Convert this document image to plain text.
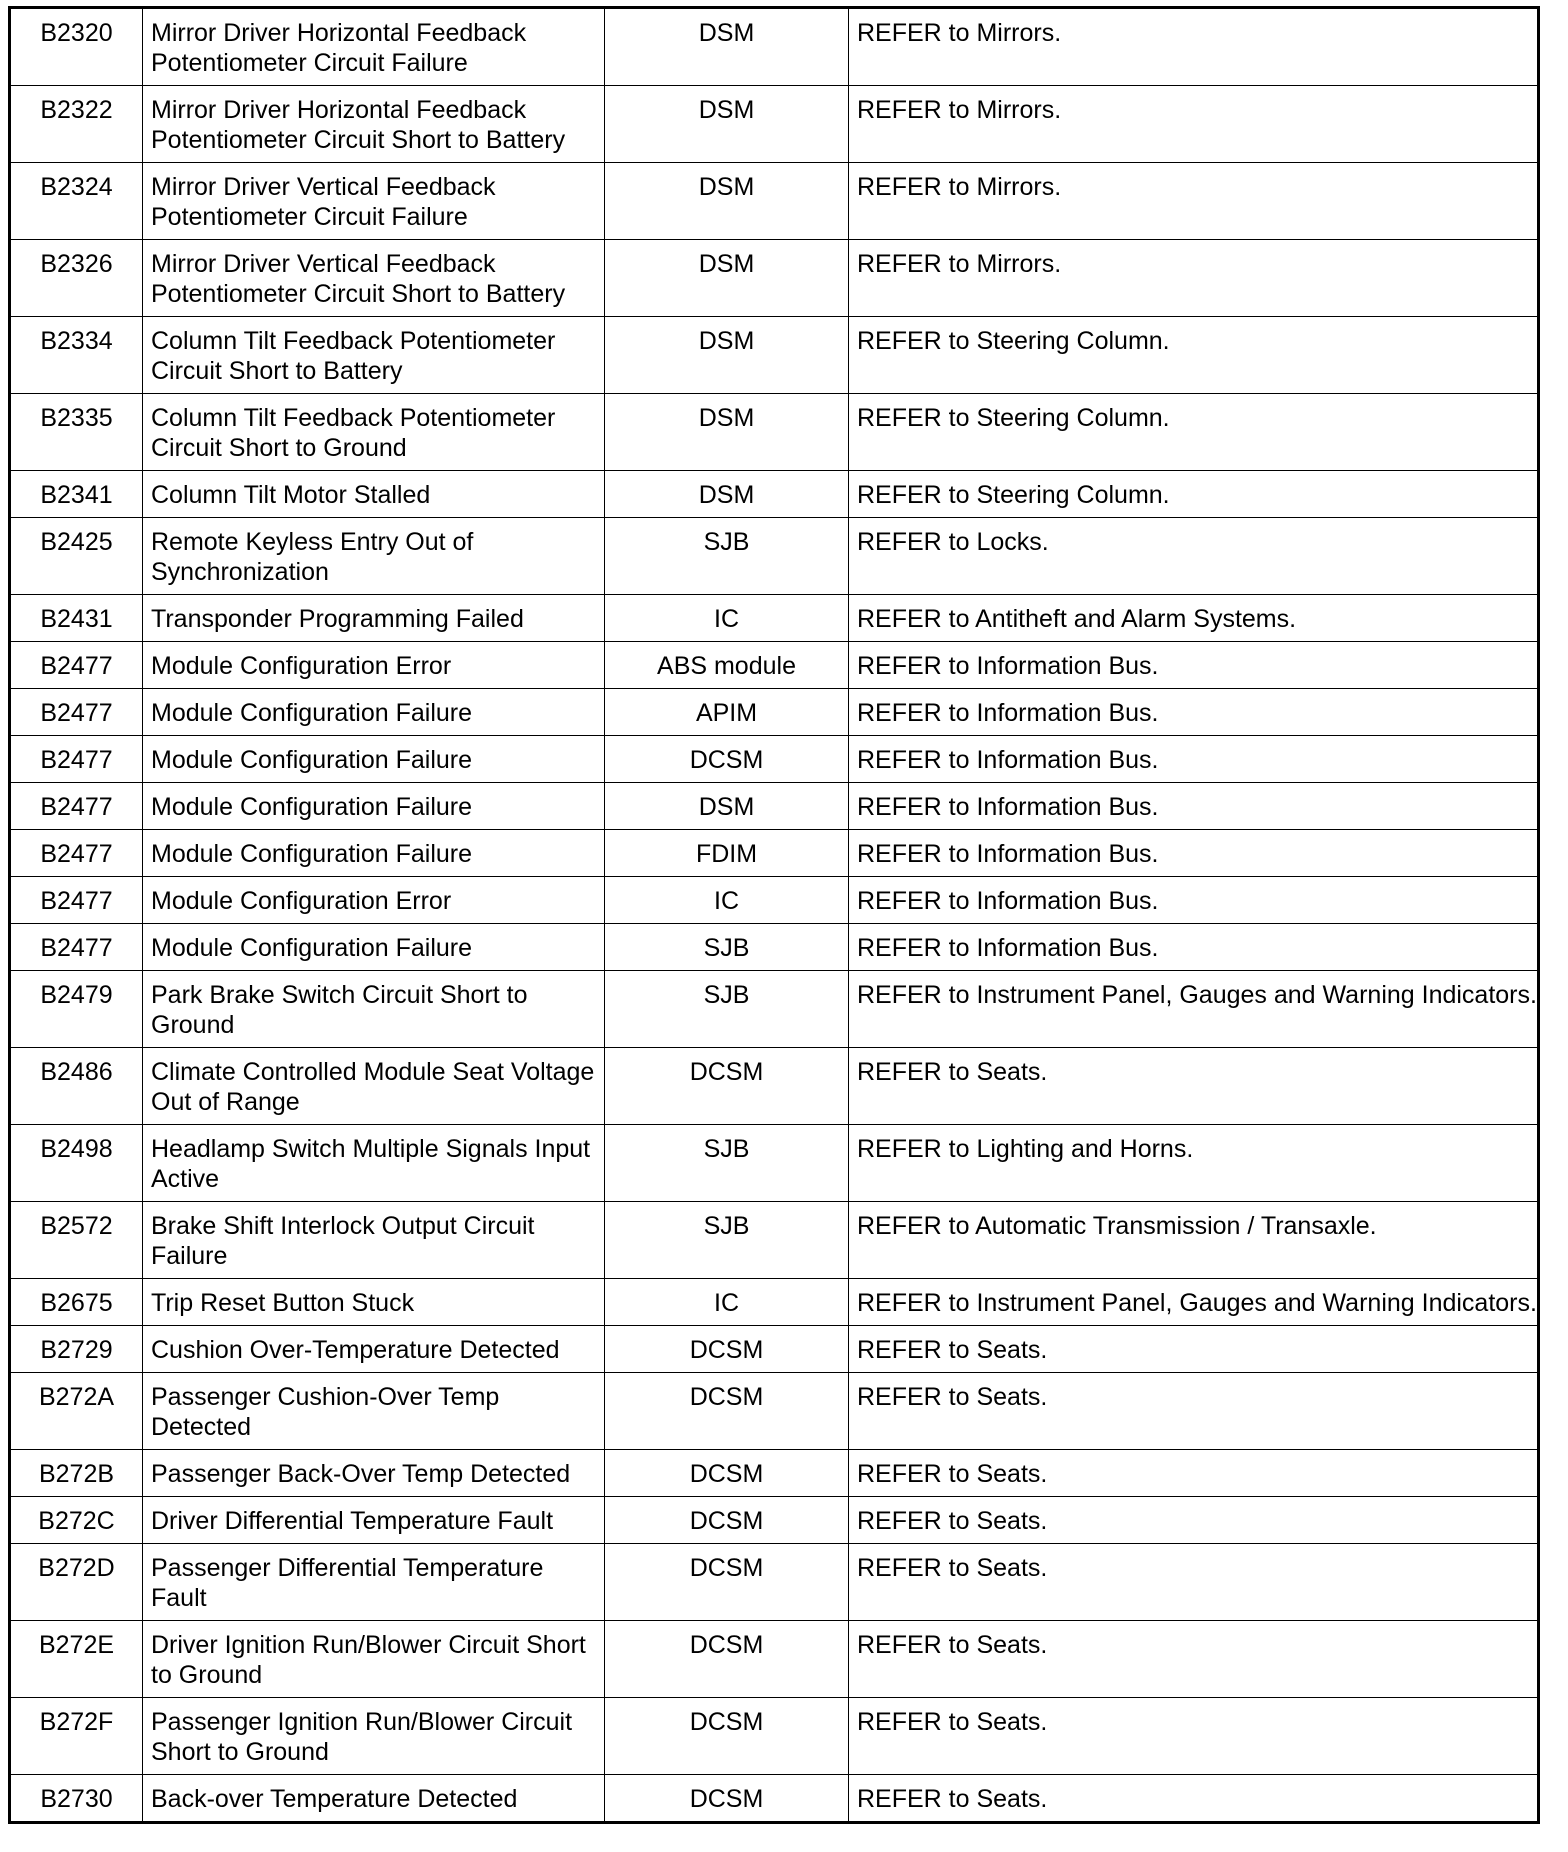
B2320	Mirror Driver Horizontal Feedback Potentiometer Circuit Failure	DSM	REFER to Mirrors.
B2322	Mirror Driver Horizontal Feedback Potentiometer Circuit Short to Battery	DSM	REFER to Mirrors.
B2324	Mirror Driver Vertical Feedback Potentiometer Circuit Failure	DSM	REFER to Mirrors.
B2326	Mirror Driver Vertical Feedback Potentiometer Circuit Short to Battery	DSM	REFER to Mirrors.
B2334	Column Tilt Feedback Potentiometer Circuit Short to Battery	DSM	REFER to Steering Column.
B2335	Column Tilt Feedback Potentiometer Circuit Short to Ground	DSM	REFER to Steering Column.
B2341	Column Tilt Motor Stalled	DSM	REFER to Steering Column.
B2425	Remote Keyless Entry Out of Synchronization	SJB	REFER to Locks.
B2431	Transponder Programming Failed	IC	REFER to Antitheft and Alarm Systems.
B2477	Module Configuration Error	ABS module	REFER to Information Bus.
B2477	Module Configuration Failure	APIM	REFER to Information Bus.
B2477	Module Configuration Failure	DCSM	REFER to Information Bus.
B2477	Module Configuration Failure	DSM	REFER to Information Bus.
B2477	Module Configuration Failure	FDIM	REFER to Information Bus.
B2477	Module Configuration Error	IC	REFER to Information Bus.
B2477	Module Configuration Failure	SJB	REFER to Information Bus.
B2479	Park Brake Switch Circuit Short to Ground	SJB	REFER to Instrument Panel, Gauges and Warning Indicators.
B2486	Climate Controlled Module Seat Voltage Out of Range	DCSM	REFER to Seats.
B2498	Headlamp Switch Multiple Signals Input Active	SJB	REFER to Lighting and Horns.
B2572	Brake Shift Interlock Output Circuit Failure	SJB	REFER to Automatic Transmission / Transaxle.
B2675	Trip Reset Button Stuck	IC	REFER to Instrument Panel, Gauges and Warning Indicators.
B2729	Cushion Over-Temperature Detected	DCSM	REFER to Seats.
B272A	Passenger Cushion-Over Temp Detected	DCSM	REFER to Seats.
B272B	Passenger Back-Over Temp Detected	DCSM	REFER to Seats.
B272C	Driver Differential Temperature Fault	DCSM	REFER to Seats.
B272D	Passenger Differential Temperature Fault	DCSM	REFER to Seats.
B272E	Driver Ignition Run/Blower Circuit Short to Ground	DCSM	REFER to Seats.
B272F	Passenger Ignition Run/Blower Circuit Short to Ground	DCSM	REFER to Seats.
B2730	Back-over Temperature Detected	DCSM	REFER to Seats.
